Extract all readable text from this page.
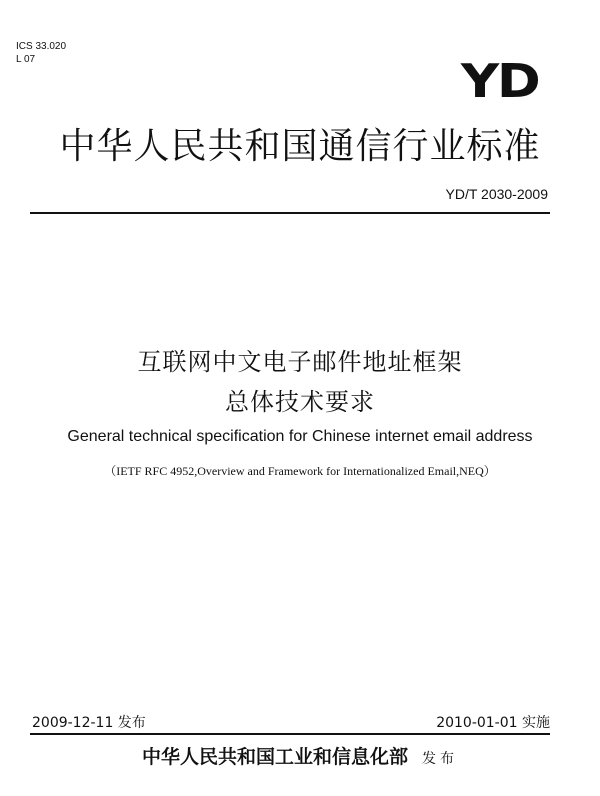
ICS 33.020
L 07	YD
中华人民共和国通信行业标准
YD/T 2030-2009
互联网中文电子邮件地址框架
总体技术要求
General technical specification for Chinese internet email address
（IETF RFC 4952,Overview and Framework for Internationalized Email,NEQ）
2009-12-11 发布	2010-01-01 实施
中华人民共和国工业和信息化部 发布
